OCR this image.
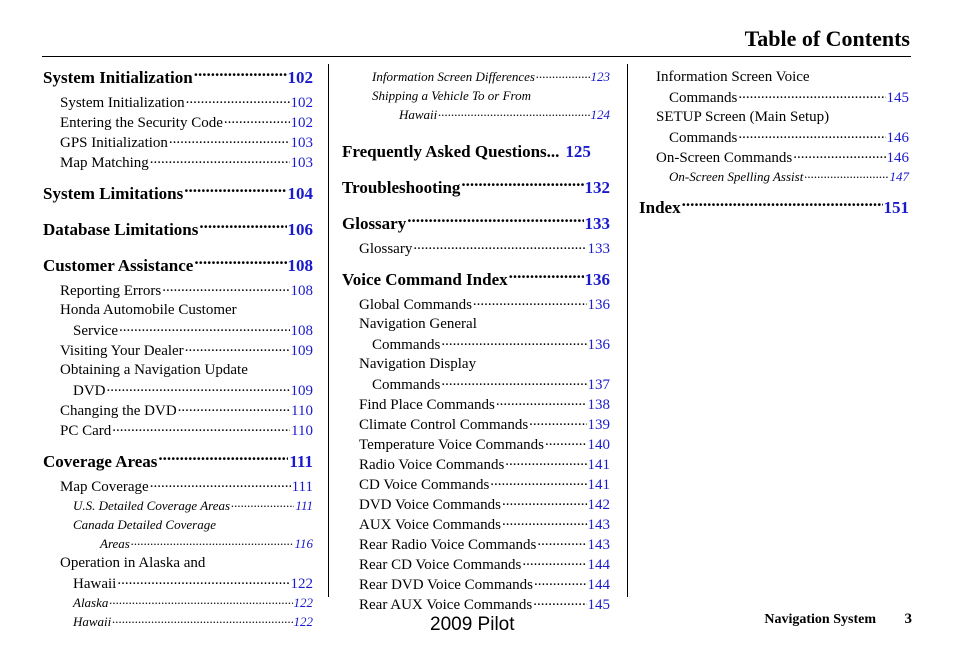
Table of Contents
System Initialization .....	102
System Initialization .....	102
Entering the Security Code .....	102
GPS Initialization .....	103
Map Matching .....	103
System Limitations .....	104
Database Limitations .....	106
Customer Assistance .....	108
Reporting Errors .....	108
Honda Automobile Customer
Service .....	108
Visiting Your Dealer .....	109
Obtaining a Navigation Update
DVD .....	109
Changing the DVD .....	110
PC Card .....	110
Coverage Areas .....	111
Map Coverage .....	111
U.S. Detailed Coverage Areas .....	111
Canada Detailed Coverage
Areas .....	116
Operation in Alaska and
Hawaii .....	122
Alaska .....	122
Hawaii .....	122
Information Screen Differences .....	123
Shipping a Vehicle To or From
Hawaii .....	124
Frequently Asked Questions... 125
Troubleshooting .....	132
Glossary .....	133
Glossary .....	133
Voice Command Index .....	136
Global Commands .....	136
Navigation General
Commands .....	136
Navigation Display
Commands .....	137
Find Place Commands .....	138
Climate Control Commands .....	139
Temperature Voice Commands .....	140
Radio Voice Commands .....	141
CD Voice Commands .....	141
DVD Voice Commands .....	142
AUX Voice Commands .....	143
Rear Radio Voice Commands .....	143
Rear CD Voice Commands .....	144
Rear DVD Voice Commands .....	144
Rear AUX Voice Commands .....	145
Information Screen Voice
Commands .....	145
SETUP Screen (Main Setup)
Commands .....	146
On-Screen Commands .....	146
On-Screen Spelling Assist .....	147
Index .....	151
2009 Pilot	Navigation System 3
